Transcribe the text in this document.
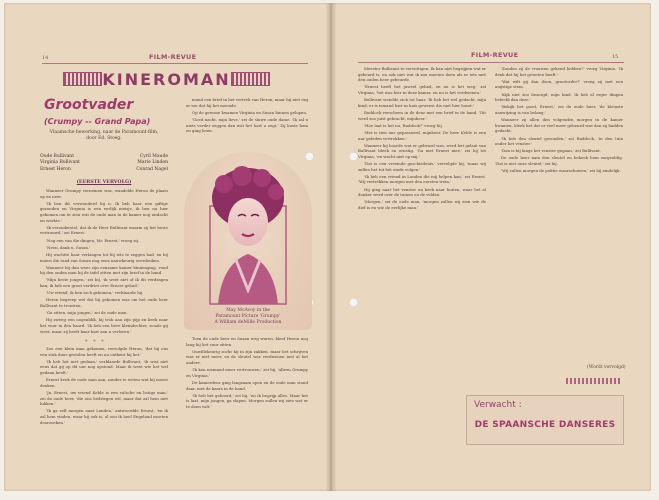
14	FILM-REVUE
KINEROMAN
Grootvader
(Crumpy -- Grand Papa)
Vlaamsche bewerking, naar de Paramount-film,
door Ed. Stoeg.
Oude Bullivant	Cyril Maude
Virginia Bullivant	Marie Linden
Ernest Heron	Conrad Nagel
(EERSTE VERVOLG)

Wanneer Grumpy vernemen was, wandelde Heron de plaats op en neer.

'Ik ben dit verwonderd bij u. Ik heb haar een giftige gezonden en Virginia is een eerlijk meisje, ik ben nu hier gekomen om te zien wat de oude man in de kamer nog uitdacht en werkte.'

'Ik veronderstel, dat ik de Heer Bullivant waarin zij het beste vertrouwd,' zei Ernest.

'Nog een van die dingen, Mr. Ernest,' vroeg zij.

'Neen, dank u, Susan.'

Hij wachtte haar verlangen tot hij iets te zeggen had, en hij moest die raad van Susan nog eens nauwkeurig overdenken.

Wanneer hij dan weer zijn eenzame kamer binnenging, vond hij den ouden man bij de tafel zitten met zijn brief in de hand.

'Mijn beste jongen,' zei hij, 'ik weet niet of ik dit verdragen kan; ik heb een groot verdriet over Ernest gehad.'

'Uw vriend, ik ben toch gekomen,' verklaarde hij.

Heron begreep wel dat hij gekomen was om het oude heer Bullivant te troosten.

'Ga zitten, mijn jongen,' zei de oude man.

Hij zweeg een oogenblik, hij trok aan zijn pijp en keek naar het vuur in den haard. 'Ik heb een lieve kleindochter, zooals gij weet, maar zij heeft haar hart aan u verloren.'

mond een brief in het vertrek van Heron, maar hij niet erg er toe dat hij het meende.

Op de gewone kwamen Virginia en Susan binnen gelopen.

'Goed nacht, mijn lieve,' zei de sluwe oude dame. 'Ik zal u niets verder zeggen dan wat het hart u zegt.' Zij kuste hem en ging heen.

May McAvoy in the
Paramount Picture 'Grumpy'
A William deMille Production
* * *

Zoo een klein man gekomen, vervolgde Heron, 'dat hij ons een stuk duur gestolen heeft en nu ontkent hij het.'

'Ik heb het niet gedaan,' verklaarde Bullivant, 'ik wist niet eens dat gij op dit uur nog opstond. Maar ik weet wie het wel gedaan heeft.'

Ernest keek de oude man aan, zonder te weten wat hij moest denken.

'Ja, Ernest, uw vriend Keble is een valsche en listige man,' zei de oude heer, 'die ons bedriegen wil, maar dat zal hem niet lukken.'

'Ik ga zelf morgen naar Londen,' antwoordde Ernest, 'en ik zal hem vinden, waar hij ook is, al zou ik heel Engeland moeten doorzoeken.'

Toen de oude heer en Susan weg waren, bleef Heron nog lang bij het vuur zitten.

Onwillekeurig zocht hij in zijn zakken, maar het schrijven was er niet meer, en de sleutel was verdwenen met al het andere.

'Ik kan niemand meer vertrouwen,' zei hij, 'alleen Grumpy en Virginia.'

De kamerdeur ging langzaam open en de oude man stond daar, met de kaars in de hand.

'Ik heb het gehoord,' zei hij, 'en ik begrijp alles. Maar het is laat, mijn jongen, ga slapen. Morgen zullen wij zien wat er te doen valt.'

FILM-REVUE	15

Meester Bullivant te verwittigen. Ik kan niet begrijpen wat er gebeurd is, en ook niet wat ik zou moeten doen als er iets met den ouden heer gebeurde.

'Ernest heeft het juweel gehad, en nu is het weg,' zei Virginia, 'het was hier in deze kamer, en nu is het verdwenen.'

Bullivant wendde zich tot haar. 'Ik heb het wel gedacht, mijn kind; er is iemand hier in huis geweest die niet hier hoort.'

Ruddock verscheen in de deur met een brief in de hand. 'Dit werd zoo juist gebracht, mijnheer.'

'Hoe laat is het nu, Ruddock?' vroeg hij.

'Het is tien uur gepasseerd, mijnheer. De heer Keble is een uur geleden vertrokken.'

Wanneer hij hoorde wat er gebeurd was, werd het gelaat van Bullivant bleek en ernstig. 'Ga met Ernest mee,' zei hij tot Virginia, 'en wacht niet op mij.'

'Dat is een vreemde geschiedenis,' vervolgde hij, 'maar wij zullen het tot het einde volgen.'

'Ik heb een vriend in Londen die mij helpen kan,' zei Ernest. 'Wij vertrekken morgen met den eersten trein.'

Hij ging naar het venster en keek naar buiten, waar het al donker werd over de tuinen en de velden.

'Morgen,' zei de oude man, 'morgen zullen wij zien wie de dief is en wie de eerlijke man.'

'Zouden zij de vrouwen gekend hebben?' vroeg Virginia. 'Ik denk dat hij het geweten heeft.'

'Wat wilt gij dan doen, grootvader?' vroeg zij met een angstige stem.

'Kijk niet zoo bezorgd, mijn kind. Ik heb al erger dingen beleefd dan deze.'

'Bekijk het goed, Ernest,' zei de oude heer, 'de kleinste aanwijzing is van belang.'

Wanneer zij allen den volgenden morgen in de kamer kwamen, bleek het dat er veel meer gebeurd was dan zij hadden gedacht.

'Ik heb den sleutel gevonden,' zei Ruddock, 'in den tuin onder het venster.'

'Dan is hij langs het venster gegaan,' zei Bullivant.

De oude heer nam den sleutel en bekeek hem zorgvuldig. 'Dat is niet onze sleutel,' zei hij.

'Wij zullen morgen de politie waarschuwen,' zei hij eindelijk.

(Wordt vervolgd)
Verwacht :
DE SPAANSCHE DANSERES
